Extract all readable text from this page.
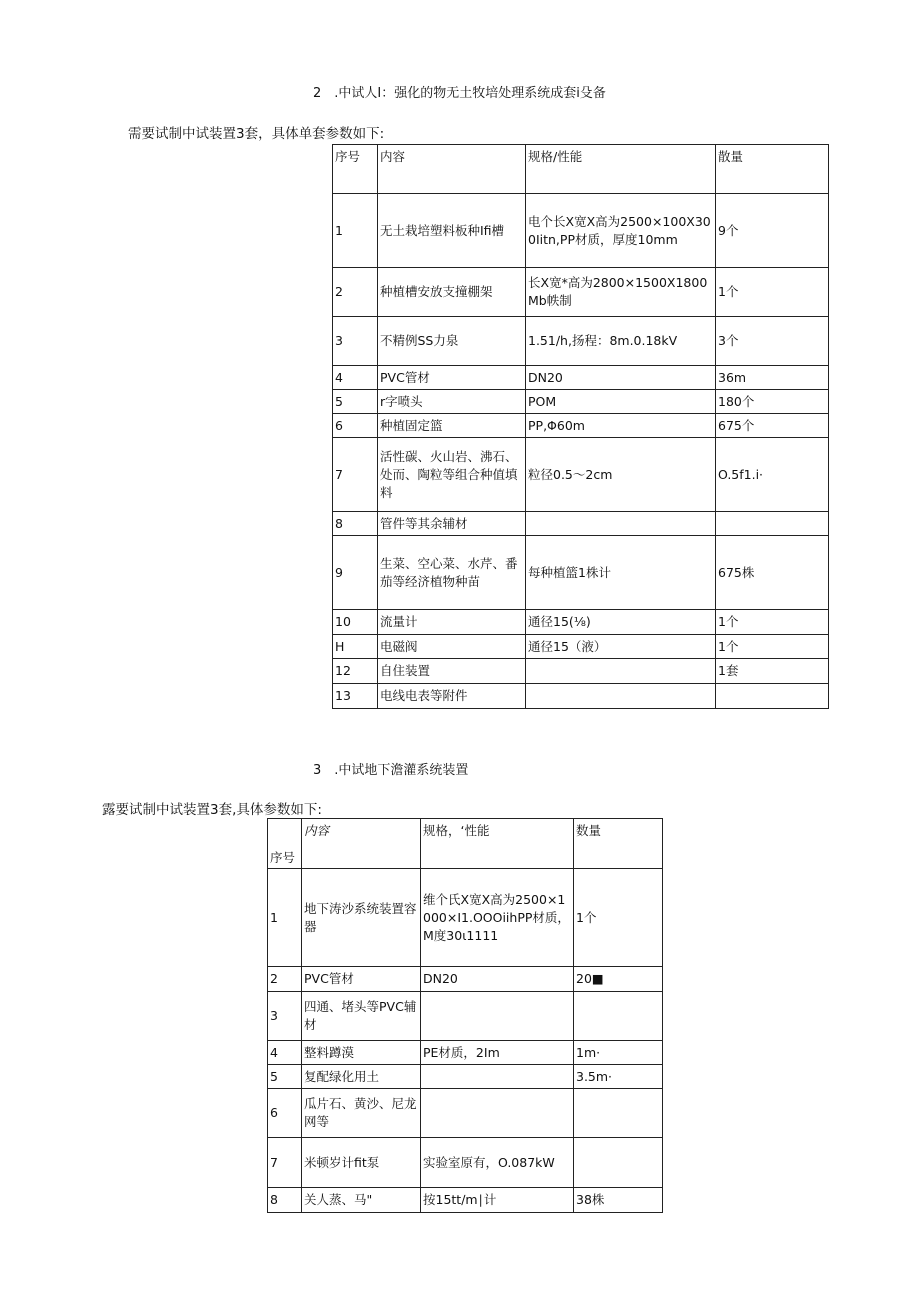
2　.中试人I：强化的物无土牧培处理系统成套i殳备
需要试制中试装置3套，具体单套参数如下:
序号	内容	规格/性能	散量
1	无土栽培塑料板种Ifi槽	电个长X宽X高为2500×100X300Iitn,PP材质，厚度10mm	9个
2	种植槽安放支撞棚架	长X宽*高为2800×1500X1800Mb帙制	1个
3	不精例SS力泉	1.51∕h,扬程：8m.0.18kV	3个
4	PVC管材	DN20	36m
5	r字喷头	POM	180个
6	种植固定篮	PP,Φ60m	675个
7	活性碳、火山岩、沸石、处而、陶粒等组合种值填料	粒径0.5〜2cm	O.5f1.i·
8	管件等其余辅材		
9	生菜、空心菜、水芹、番茄等经济植物种苗	每种植篮1株计	675株
10	流量计	通径15(⅛)	1个
H	电磁阀	通径15（液）	1个
12	自住装置		1套
13	电线电表等附件		
3　.中试地下澹灌系统装置
露要试制中试装置3套,具体参数如下:
序号	内容	规格，‘性能	数量
1	地下涛沙系统装置容器	维个氏X宽X高为2500×1000×I1.OOOiihPP材质，M度30ι1111	1个
2	PVC管材	DN20	20■
3	四通、堵头等PVC辅材		
4	整料蹲漠	PE材质，2Im	1m·
5	复配绿化用土		3.5m·
6	瓜片石、黄沙、尼龙网等		
7	米顿岁计fit泵	实验室原有，O.087kW	
8	关人蒸、马"	按15tt∕m∣计	38株
